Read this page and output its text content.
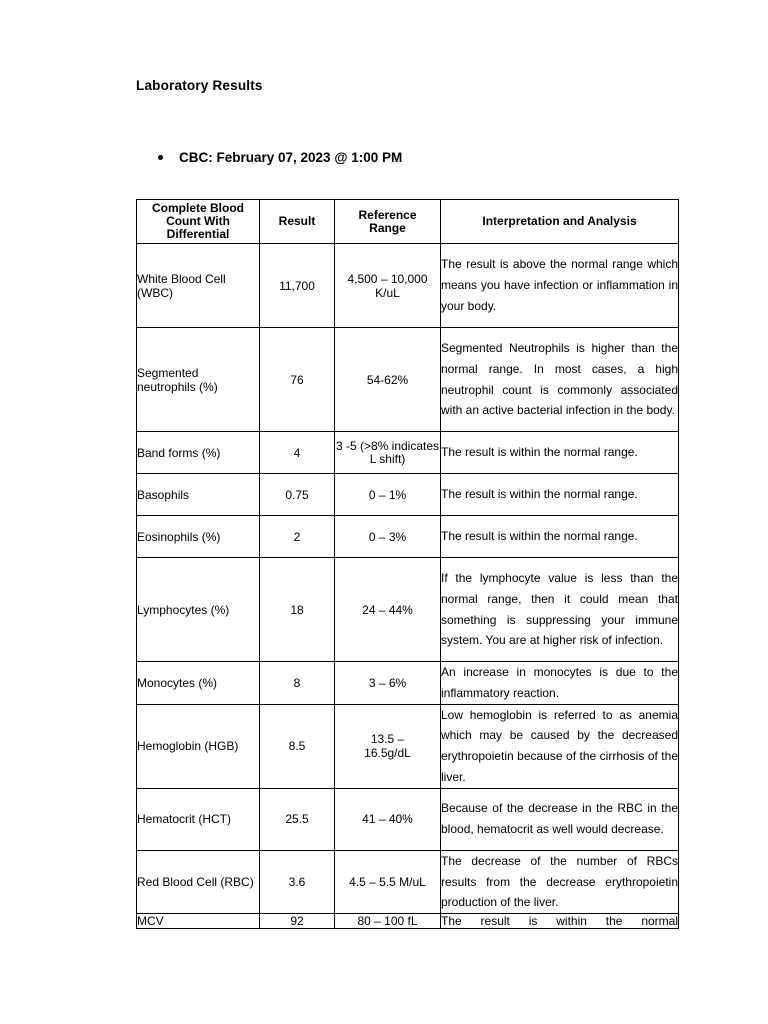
Laboratory Results
CBC: February 07, 2023 @ 1:00 PM
Complete Blood Count With Differential	Result	Reference Range	Interpretation and Analysis
White Blood Cell (WBC)	11,700	4,500 – 10,000 K/uL	The result is above the normal range which means you have infection or inflammation in your body.
Segmented neutrophils (%)	76	54-62%	Segmented Neutrophils is higher than the normal range. In most cases, a high neutrophil count is commonly associated with an active bacterial infection in the body.
Band forms (%)	4	3 -5 (>8% indicates L shift)	The result is within the normal range.
Basophils	0.75	0 – 1%	The result is within the normal range.
Eosinophils (%)	2	0 – 3%	The result is within the normal range.
Lymphocytes (%)	18	24 – 44%	If the lymphocyte value is less than the normal range, then it could mean that something is suppressing your immune system. You are at higher risk of infection.
Monocytes (%)	8	3 – 6%	An increase in monocytes is due to the inflammatory reaction.
Hemoglobin (HGB)	8.5	13.5 – 16.5g/dL	Low hemoglobin is referred to as anemia which may be caused by the decreased erythropoietin because of the cirrhosis of the liver.
Hematocrit (HCT)	25.5	41 – 40%	Because of the decrease in the RBC in the blood, hematocrit as well would decrease.
Red Blood Cell (RBC)	3.6	4.5 – 5.5 M/uL	The decrease of the number of RBCs results from the decrease erythropoietin production of the liver.
MCV	92	80 – 100 fL	The result is within the normal
